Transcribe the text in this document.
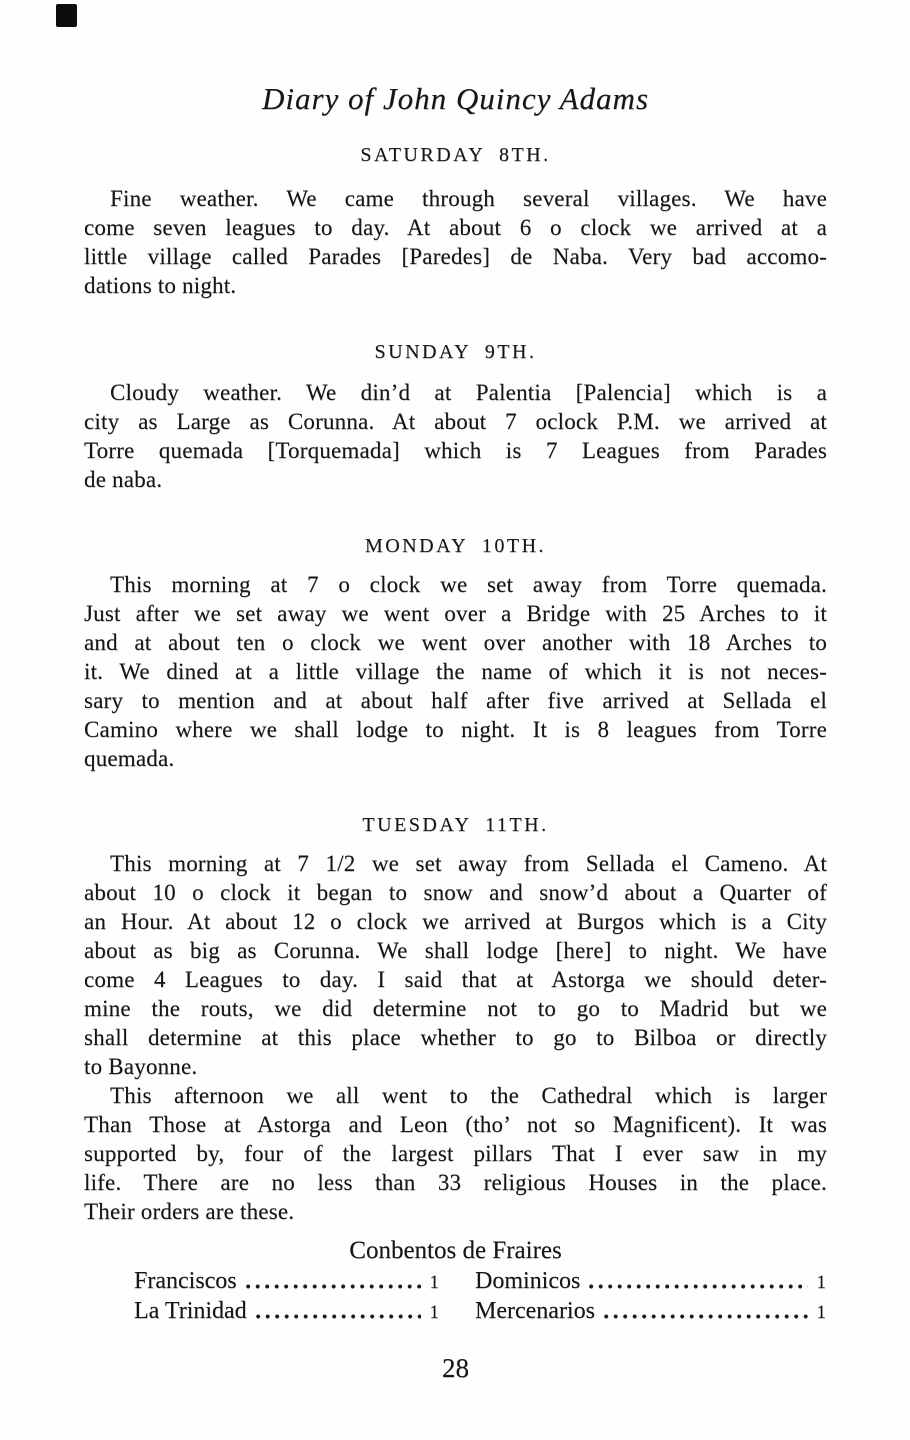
Diary of John Quincy Adams
SATURDAY 8TH.
Fine weather. We came through several villages. We have
come seven leagues to day. At about 6 o clock we arrived at a
little village called Parades [Paredes] de Naba. Very bad accomo-
dations to night.
SUNDAY 9TH.
Cloudy weather. We din’d at Palentia [Palencia] which is a
city as Large as Corunna. At about 7 oclock P.M. we arrived at
Torre quemada [Torquemada] which is 7 Leagues from Parades
de naba.
MONDAY 10TH.
This morning at 7 o clock we set away from Torre quemada.
Just after we set away we went over a Bridge with 25 Arches to it
and at about ten o clock we went over another with 18 Arches to
it. We dined at a little village the name of which it is not neces-
sary to mention and at about half after five arrived at Sellada el
Camino where we shall lodge to night. It is 8 leagues from Torre
quemada.
TUESDAY 11TH.
This morning at 7 1/2 we set away from Sellada el Cameno. At
about 10 o clock it began to snow and snow’d about a Quarter of
an Hour. At about 12 o clock we arrived at Burgos which is a City
about as big as Corunna. We shall lodge [here] to night. We have
come 4 Leagues to day. I said that at Astorga we should deter-
mine the routs, we did determine not to go to Madrid but we
shall determine at this place whether to go to Bilboa or directly
to Bayonne.
This afternoon we all went to the Cathedral which is larger
Than Those at Astorga and Leon (tho’ not so Magnificent). It was
supported by, four of the largest pillars That I ever saw in my
life. There are no less than 33 religious Houses in the place.
Their orders are these.
Conbentos de Fraires
Franciscos	1 Dominicos	1
La Trinidad	1 Mercenarios	1
28
